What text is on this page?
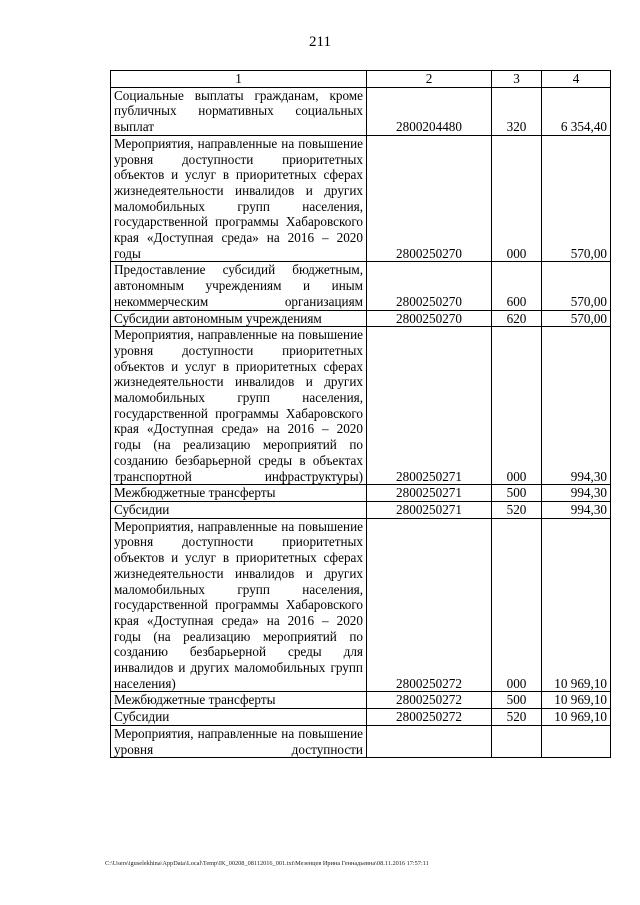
211
1	2	3	4
Социальные выплаты гражданам, кроме публичных нормативных социальных выплат	2800204480	320	6 354,40
Мероприятия, направленные на повышение уровня доступности приоритетных объектов и услуг в приоритетных сферах жизнедеятельности инвалидов и других маломобильных групп населения, государственной программы Хабаровского края «Доступная среда» на 2016 – 2020 годы	2800250270	000	570,00
Предоставление субсидий бюджетным, автономным учреждениям и иным некоммерческим организациям	2800250270	600	570,00
Субсидии автономным учреждениям	2800250270	620	570,00
Мероприятия, направленные на повышение уровня доступности приоритетных объектов и услуг в приоритетных сферах жизнедеятельности инвалидов и других маломобильных групп населения, государственной программы Хабаровского края «Доступная среда» на 2016 – 2020 годы (на реализацию мероприятий по созданию безбарьерной среды в объектах транспортной инфраструктуры)	2800250271	000	994,30
Межбюджетные трансферты	2800250271	500	994,30
Субсидии	2800250271	520	994,30
Мероприятия, направленные на повышение уровня доступности приоритетных объектов и услуг в приоритетных сферах жизнедеятельности инвалидов и других маломобильных групп населения, государственной программы Хабаровского края «Доступная среда» на 2016 – 2020 годы (на реализацию мероприятий по созданию безбарьерной среды для инвалидов и других маломобильных групп населения)	2800250272	000	10 969,10
Межбюджетные трансферты	2800250272	500	10 969,10
Субсидии	2800250272	520	10 969,10
Мероприятия, направленные на повышение уровня доступности			
C:\Users\iguselekhina\AppData\Local\Temp\IK_00208_08112016_001.txt\Мезенцев Ирина Геннадьевна\08.11.2016 17:57:11
